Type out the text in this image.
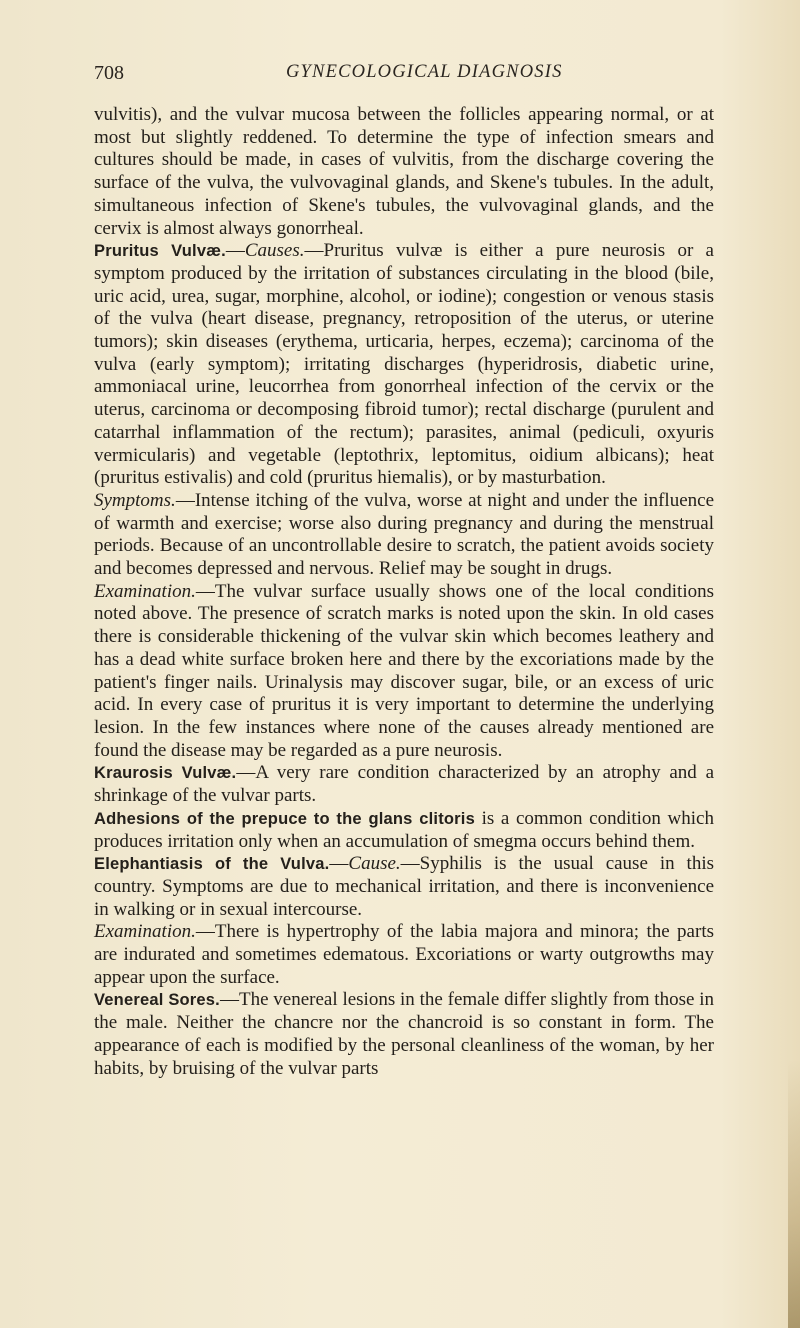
708	GYNECOLOGICAL DIAGNOSIS

vulvitis), and the vulvar mucosa between the follicles appearing normal, or at most but slightly reddened. To determine the type of infection smears and cultures should be made, in cases of vulvitis, from the discharge covering the surface of the vulva, the vulvovaginal glands, and Skene's tubules. In the adult, simultaneous infection of Skene's tubules, the vulvovaginal glands, and the cervix is almost always gonorrheal.

Pruritus Vulvæ.—Causes.—Pruritus vulvæ is either a pure neurosis or a symptom produced by the irritation of substances circulating in the blood (bile, uric acid, urea, sugar, morphine, alcohol, or iodine); congestion or venous stasis of the vulva (heart disease, pregnancy, retroposition of the uterus, or uterine tumors); skin diseases (erythema, urticaria, herpes, eczema); carcinoma of the vulva (early symptom); irritating discharges (hyperidrosis, diabetic urine, ammoniacal urine, leucorrhea from gonorrheal infection of the cervix or the uterus, carcinoma or decomposing fibroid tumor); rectal discharge (purulent and catarrhal inflammation of the rectum); parasites, animal (pediculi, oxyuris vermicularis) and vegetable (leptothrix, leptomitus, oidium albicans); heat (pruritus estivalis) and cold (pruritus hiemalis), or by masturbation.

Symptoms.—Intense itching of the vulva, worse at night and under the influence of warmth and exercise; worse also during pregnancy and during the menstrual periods. Because of an uncontrollable desire to scratch, the patient avoids society and becomes depressed and nervous. Relief may be sought in drugs.

Examination.—The vulvar surface usually shows one of the local conditions noted above. The presence of scratch marks is noted upon the skin. In old cases there is considerable thickening of the vulvar skin which becomes leathery and has a dead white surface broken here and there by the excoriations made by the patient's finger nails. Urinalysis may discover sugar, bile, or an excess of uric acid. In every case of pruritus it is very important to determine the underlying lesion. In the few instances where none of the causes already mentioned are found the disease may be regarded as a pure neurosis.

Kraurosis Vulvæ.—A very rare condition characterized by an atrophy and a shrinkage of the vulvar parts.

Adhesions of the prepuce to the glans clitoris is a common condition which produces irritation only when an accumulation of smegma occurs behind them.

Elephantiasis of the Vulva.—Cause.—Syphilis is the usual cause in this country. Symptoms are due to mechanical irritation, and there is inconvenience in walking or in sexual intercourse.

Examination.—There is hypertrophy of the labia majora and minora; the parts are indurated and sometimes edematous. Excoriations or warty outgrowths may appear upon the surface.

Venereal Sores.—The venereal lesions in the female differ slightly from those in the male. Neither the chancre nor the chancroid is so constant in form. The appearance of each is modified by the personal cleanliness of the woman, by her habits, by bruising of the vulvar parts
